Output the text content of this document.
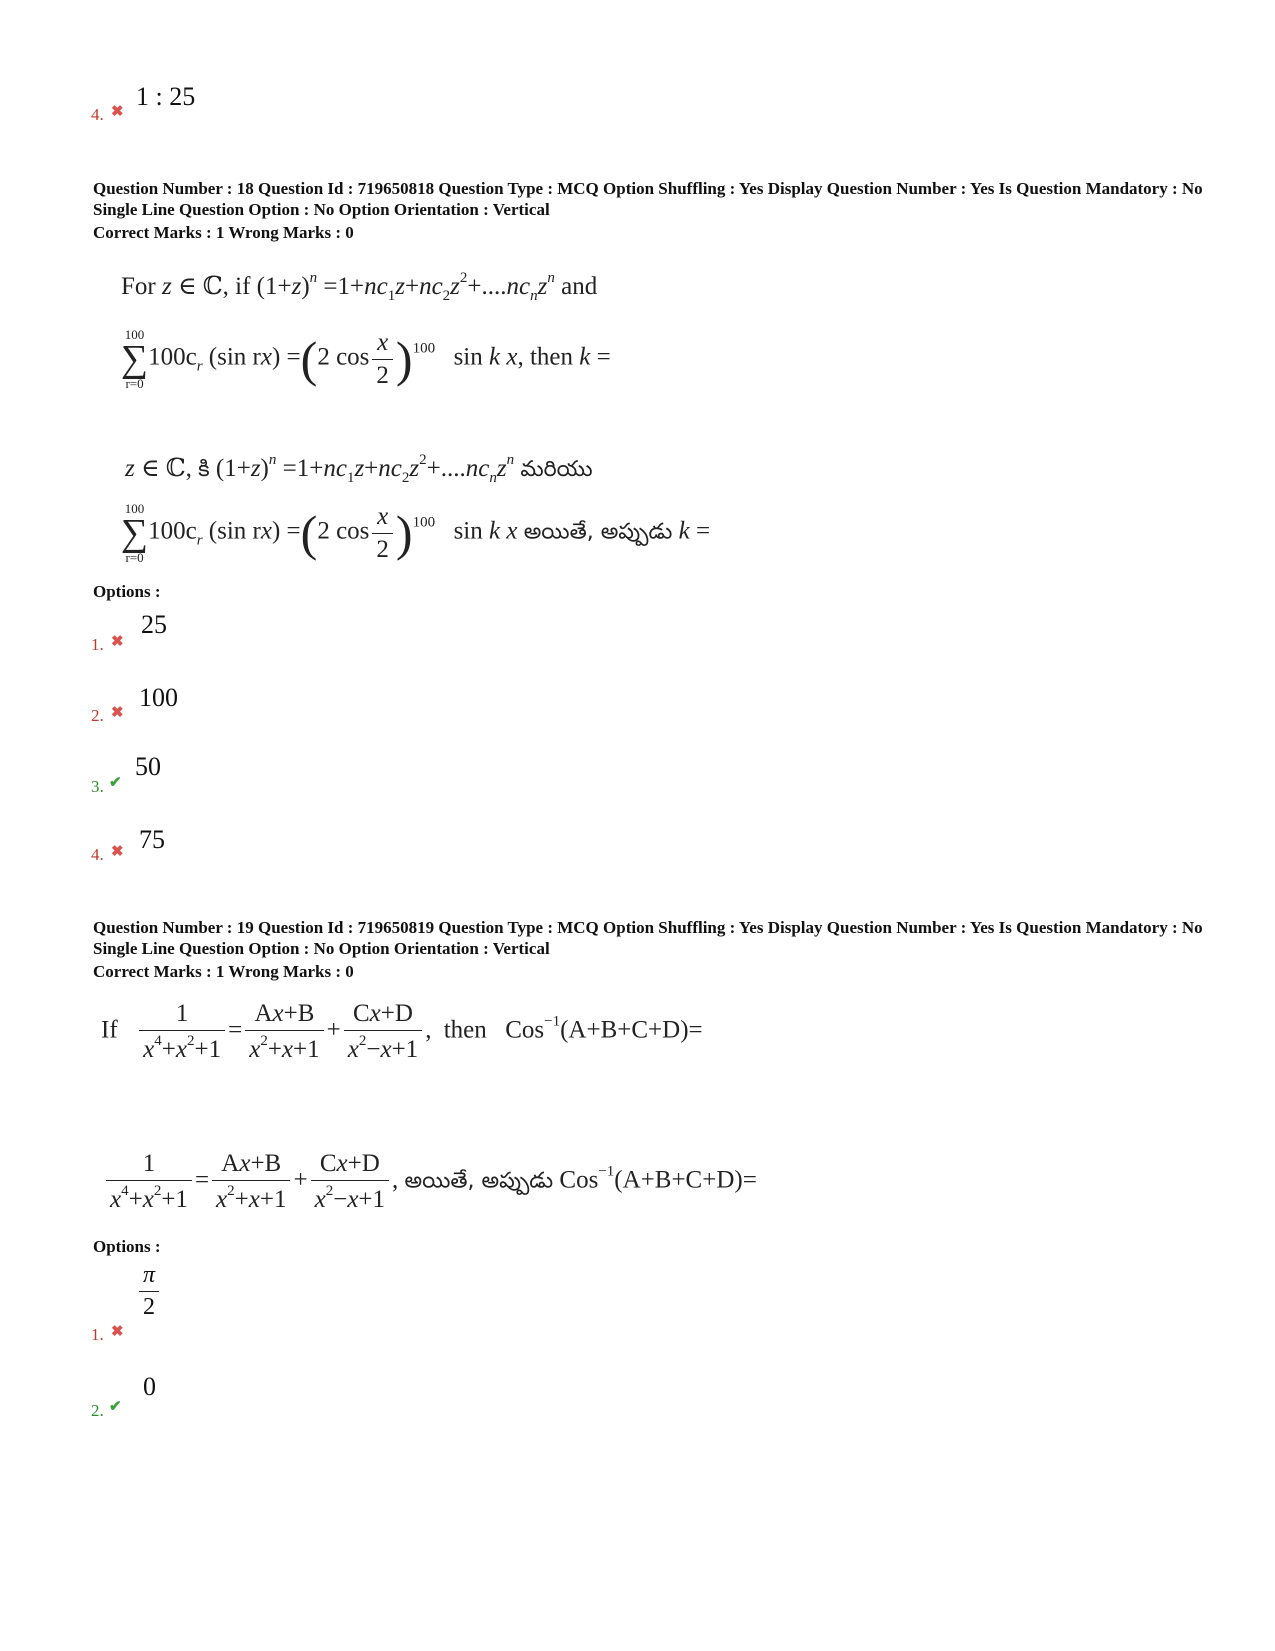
4. ✖
1 : 25
Question Number : 18 Question Id : 719650818 Question Type : MCQ Option Shuffling : Yes Display Question Number : Yes Is Question Mandatory : No Single Line Question Option : No Option Orientation : Vertical
Correct Marks : 1 Wrong Marks : 0
For z ∈ ℂ, if $(1+z)^n =1+nc_1z+nc_2z^2+....nc_nz^n$ and
100
∑
r=0
$100c_r$ (sin rx) =(2 $\cos \frac{x}{2} )^{100}$  sin k x, then k =
z ∈ ℂ, కి $(1+z)^n =1+nc_1z+nc_2z^2+....nc_nz^n$ మరియు
100
∑
r=0
$100c_r$ (sin rx) =(2 $\cos \frac{x}{2} )^{100}$  sin k x అయితే, అప్పుడు k =
Options :
1. ✖
25
2. ✖
100
3. ✔
50
4. ✖ 75
Question Number : 19 Question Id : 719650819 Question Type : MCQ Option Shuffling : Yes Display Question Number : Yes Is Question Mandatory : No Single Line Question Option : No Option Orientation : Vertical
Correct Marks : 1 Wrong Marks : 0
If $\frac{1}{x^4+x^2+1} = \frac{Ax+B}{x^2+x+1} + \frac{Cx+D}{x^2-x+1}$ , then  Cos$^{-1}$(A+B+C+D)=
$\frac{1}{x^4+x^2+1} = \frac{Ax+B}{x^2+x+1} + \frac{Cx+D}{x^2-x+1}$ , అయితే, అప్పుడు Cos$^{-1}$(A+B+C+D)=
Options :
1. ✖
$\frac{\pi}{2}$
2. ✔
0
